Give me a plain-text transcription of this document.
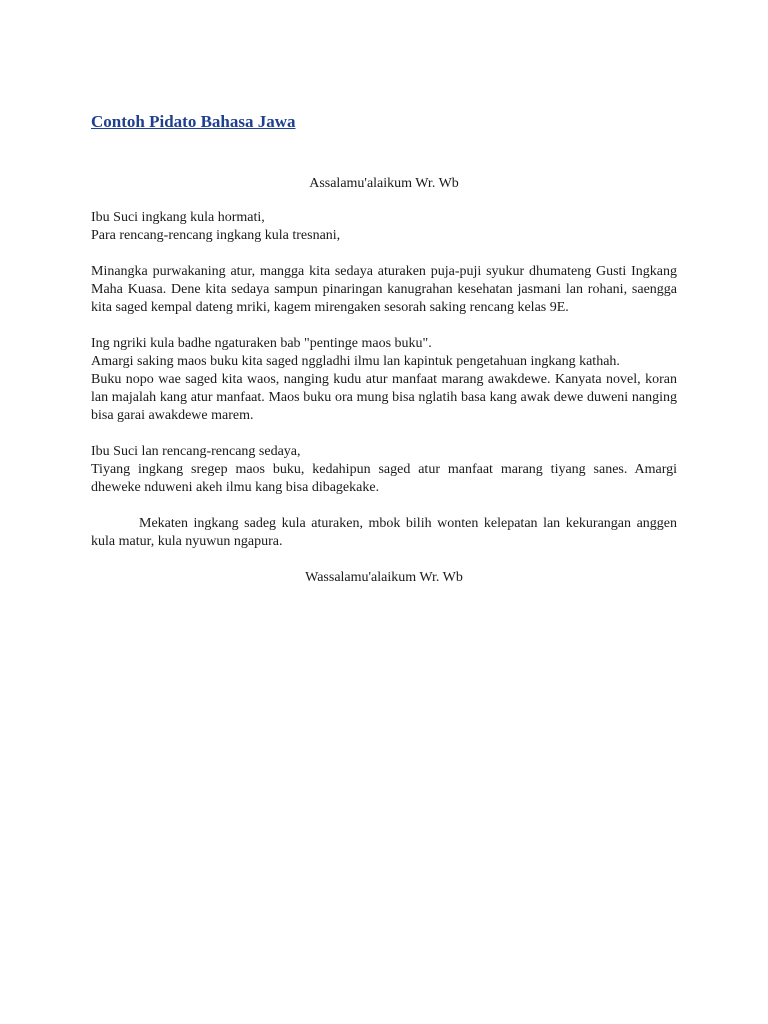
Contoh Pidato Bahasa Jawa
Assalamu'alaikum Wr. Wb
Ibu Suci ingkang kula hormati,
Para rencang-rencang ingkang kula tresnani,
Minangka purwakaning atur, mangga kita sedaya aturaken puja-puji syukur dhumateng Gusti Ingkang Maha Kuasa. Dene kita sedaya sampun pinaringan kanugrahan kesehatan jasmani lan rohani, saengga kita saged kempal dateng mriki, kagem mirengaken sesorah saking rencang kelas 9E.
Ing ngriki kula badhe ngaturaken bab "pentinge maos buku".
Amargi saking maos buku kita saged nggladhi ilmu lan kapintuk pengetahuan ingkang kathah.
Buku nopo wae saged kita waos, nanging kudu atur manfaat marang awakdewe. Kanyata novel, koran lan majalah kang atur manfaat. Maos buku ora mung bisa nglatih basa kang awak dewe duweni nanging bisa garai awakdewe marem.
Ibu Suci lan rencang-rencang sedaya,
Tiyang ingkang sregep maos buku, kedahipun saged atur manfaat marang tiyang sanes. Amargi dheweke nduweni akeh ilmu kang bisa dibagekake.
Mekaten ingkang sadeg kula aturaken, mbok bilih wonten kelepatan lan kekurangan anggen kula matur, kula nyuwun ngapura.
Wassalamu'alaikum Wr. Wb
